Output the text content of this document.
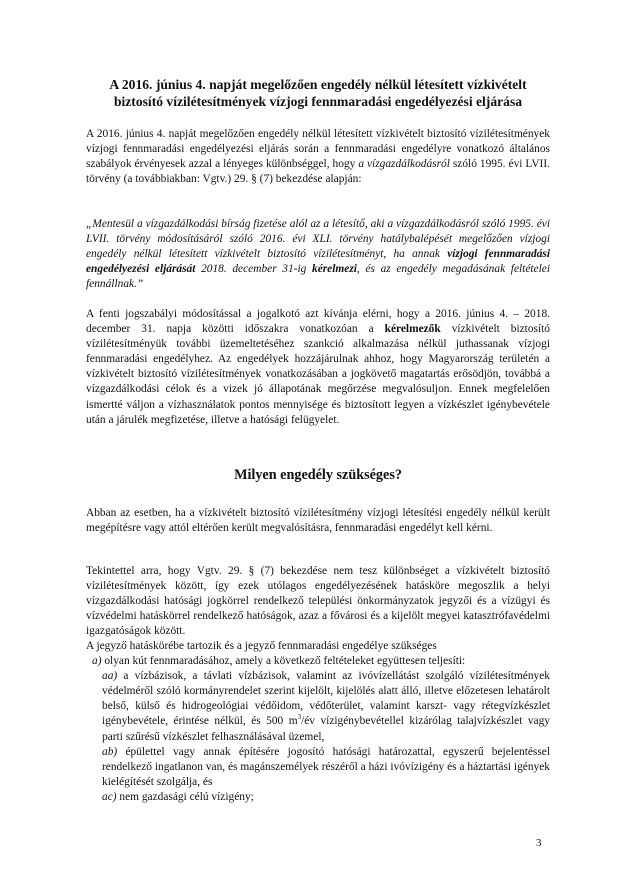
A 2016. június 4. napját megelőzően engedély nélkül létesített vízkivételt
biztosító vízilétesítmények vízjogi fennmaradási engedélyezési eljárása

A 2016. június 4. napját megelőzően engedély nélkül létesített vízkivételt biztosító vízilétesítmények vízjogi fennmaradási engedélyezési eljárás során a fennmaradási engedélyre vonatkozó általános szabályok érvényesek azzal a lényeges különbséggel, hogy a vízgazdálkodásról szóló 1995. évi LVII. törvény (a továbbiakban: Vgtv.) 29. § (7) bekezdése alapján:

„Mentesül a vízgazdálkodási bírság fizetése alól az a létesítő, aki a vízgazdálkodásról szóló 1995. évi LVII. törvény módosításáról szóló 2016. évi XLI. törvény hatálybalépését megelőzően vízjogi engedély nélkül létesített vízkivételt biztosító vízilétesítményt, ha annak vízjogi fennmaradási engedélyezési eljárását 2018. december 31-ig kérelmezi, és az engedély megadásának feltételei fennállnak.”

A fenti jogszabályi módosítással a jogalkotó azt kívánja elérni, hogy a 2016. június 4. – 2018. december 31. napja közötti időszakra vonatkozóan a kérelmezők vízkivételt biztosító vízilétesítményük további üzemeltetéséhez szankció alkalmazása nélkül juthassanak vízjogi fennmaradási engedélyhez. Az engedélyek hozzájárulnak ahhoz, hogy Magyarország területén a vízkivételt biztosító vízilétesítmények vonatkozásában a jogkövető magatartás erősödjön, továbbá a vízgazdálkodási célok és a vizek jó állapotának megőrzése megvalósuljon. Ennek megfelelően ismertté váljon a vízhasználatok pontos mennyisége és biztosított legyen a vízkészlet igénybevétele után a járulék megfizetése, illetve a hatósági felügyelet.

Milyen engedély szükséges?

Abban az esetben, ha a vízkivételt biztosító vízilétesítmény vízjogi létesítési engedély nélkül került megépítésre vagy attól eltérően került megvalósításra, fennmaradási engedélyt kell kérni.

Tekintettel arra, hogy Vgtv. 29. § (7) bekezdése nem tesz különbséget a vízkivételt biztosító vízilétesítmények között, így ezek utólagos engedélyezésének hatásköre megoszlik a helyi vízgazdálkodási hatósági jogkörrel rendelkező települési önkormányzatok jegyzői és a vízügyi és vízvédelmi hatáskörrel rendelkező hatóságok, azaz a fővárosi és a kijelölt megyei katasztrófavédelmi igazgatóságok között.

A jegyző hatáskörébe tartozik és a jegyző fennmaradási engedélye szükséges
a) olyan kút fennmaradásához, amely a következő feltételeket együttesen teljesíti:
aa) a vízbázisok, a távlati vízbázisok, valamint az ivóvízellátást szolgáló vízilétesítmények védelméről szóló kormányrendelet szerint kijelölt, kijelölés alatt álló, illetve előzetesen lehatárolt belső, külső és hidrogeológiai védőidom, védőterület, valamint karszt- vagy rétegvízkészlet igénybevétele, érintése nélkül, és 500 $m^3/év$ vízigénybevétellel kizárólag talajvízkészlet vagy parti szűrésű vízkészlet felhasználásával üzemel,
ab) épülettel vagy annak építésére jogosító hatósági határozattal, egyszerű bejelentéssel rendelkező ingatlanon van, és magánszemélyek részéről a házi ivóvízigény és a háztartási igények kielégítését szolgálja, és
ac) nem gazdasági célú vízigény;
3
